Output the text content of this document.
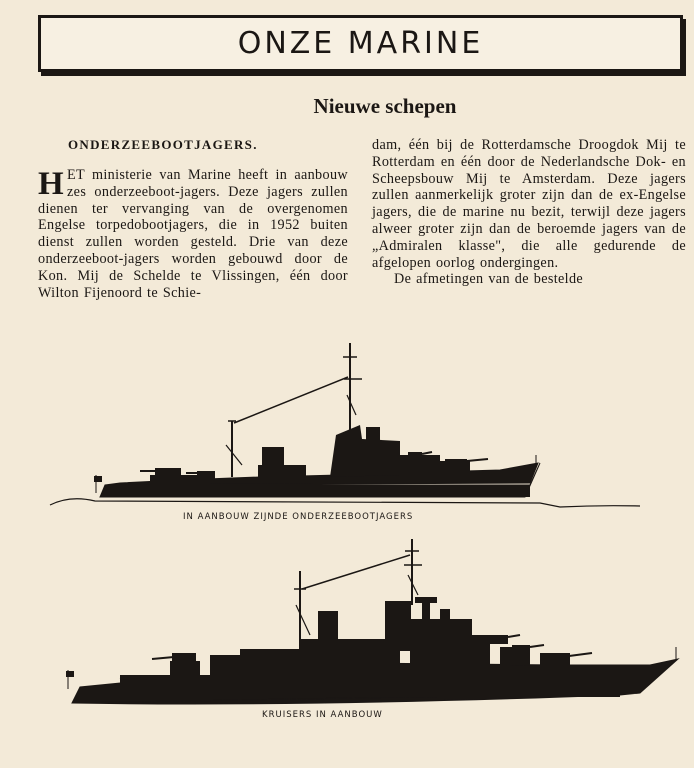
ONZE MARINE
Nieuwe schepen

ONDERZEEBOOTJAGERS.

HET ministerie van Marine heeft in aanbouw zes onderzeeboot-jagers. Deze jagers zullen dienen ter vervanging van de overgenomen Engelse torpedobootjagers, die in 1952 buiten dienst zullen worden gesteld. Drie van deze onderzeeboot-jagers worden gebouwd door de Kon. Mij de Schelde te Vlissingen, één door Wilton Fijenoord te Schie-

dam, één bij de Rotterdamsche Droogdok Mij te Rotterdam en één door de Nederlandsche Dok- en Scheepsbouw Mij te Amsterdam. Deze jagers zullen aanmerkelijk groter zijn dan de ex-Engelse jagers, die de marine nu bezit, terwijl deze jagers alweer groter zijn dan de beroemde jagers van de „Admiralen klasse", die alle gedurende de afgelopen oorlog ondergingen.

De afmetingen van de bestelde

IN AANBOUW ZIJNDE ONDERZEEBOOTJAGERS
KRUISERS IN AANBOUW
